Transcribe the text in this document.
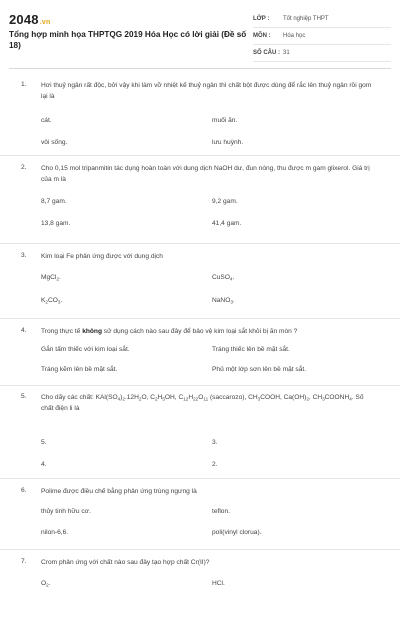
2048.vn
Tổng hợp minh họa THPTQG 2019 Hóa Học có lời giải (Đề số 18)
LỚP :	Tốt nghiệp THPT
MÔN :	Hóa học
SỐ CÂU : 31
1. Hơi thuỷ ngân rất độc, bởi vậy khi làm vỡ nhiệt kế thuỷ ngân thì chất bột được dùng để rắc lên thuỷ ngân rồi gom lại là
cát.	muối ăn.
vôi sống.	lưu huỳnh.
2. Cho 0,15 mol tripanmitin tác dụng hoàn toàn với dung dịch NaOH dư, đun nóng, thu được m gam glixerol. Giá trị của m là
8,7 gam.	9,2 gam.
13,8 gam.	41,4 gam.
3. Kim loại Fe phản ứng được với dung dịch
MgCl$_2$.	CuSO$_4$.
$K_2CO_3$.	NaNO$_3$.
4. Trong thực tế không sử dụng cách nào sau đây để bảo vệ kim loại sắt khỏi bị ăn mòn ?
Gắn tấm thiếc với kim loại sắt.	Tráng thiếc lên bề mặt sắt.
Tráng kẽm lên bề mặt sắt.	Phủ một lớp sơn lên bề mặt sắt.
5. Cho dãy các chất: $KAl(SO_4)_2.12H_2O$, $C_2H_5OH$, $C_{12}H_{22}O_{11}$ (saccarozo), $CH_3COOH$, $Ca(OH)_2$, $CH_3COONH_4$. Số chất điện li là
5.	3.
4.	2.
6. Polime được điều chế bằng phản ứng trùng ngưng là
thủy tinh hữu cơ.	teflon.
nilon-6,6.	poli(vinyl clorua).
7. Crom phản ứng với chất nào sau đây tạo hợp chất Cr(II)?
$O_2$.	HCl.
